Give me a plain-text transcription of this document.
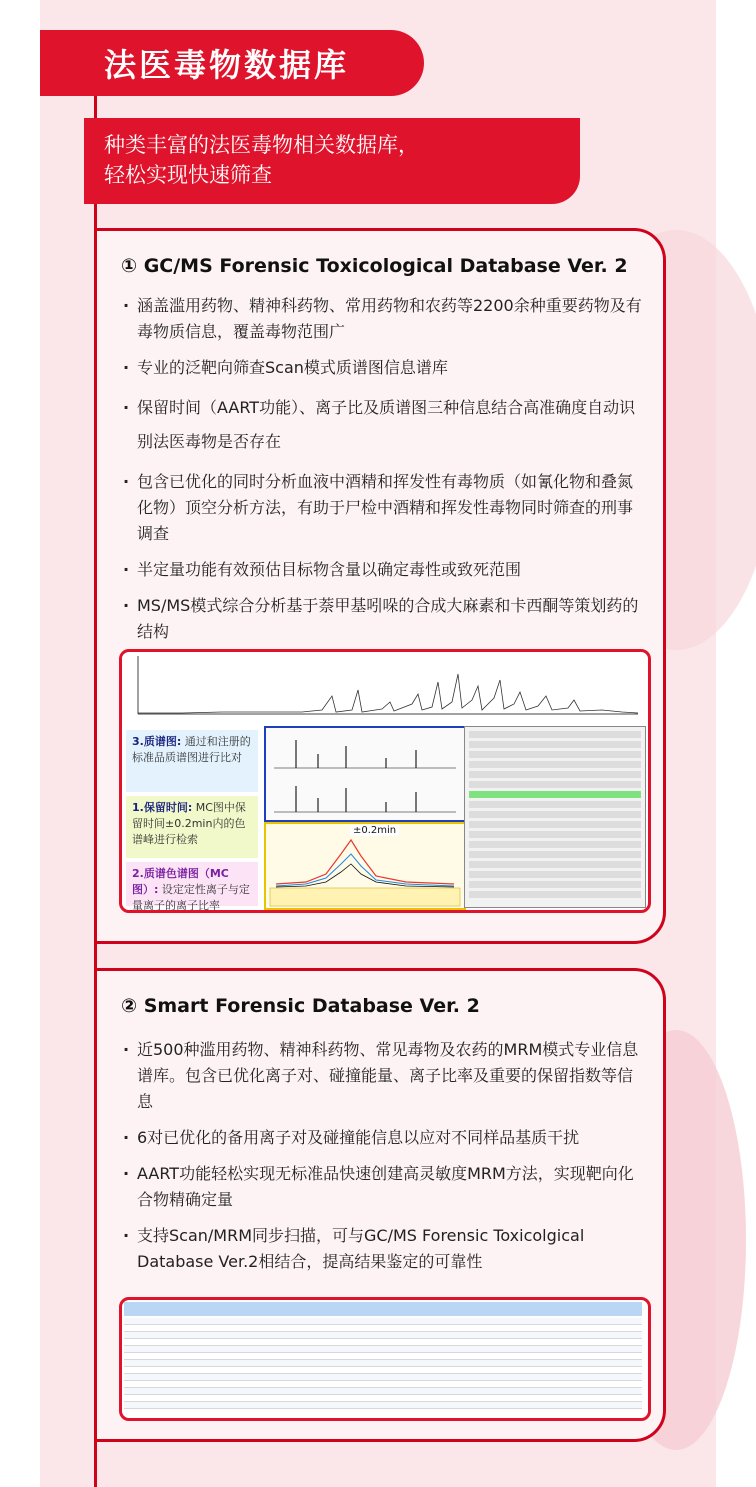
法医毒物数据库
种类丰富的法医毒物相关数据库，
轻松实现快速筛查
① GC/MS Forensic Toxicological Database Ver. 2
· 涵盖滥用药物、精神科药物、常用药物和农药等2200余种重要药物及有毒物质信息，覆盖毒物范围广
· 专业的泛靶向筛查Scan模式质谱图信息谱库
· 保留时间（AART功能）、离子比及质谱图三种信息结合高准确度自动识别法医毒物是否存在
· 包含已优化的同时分析血液中酒精和挥发性有毒物质（如氰化物和叠氮化物）顶空分析方法，有助于尸检中酒精和挥发性毒物同时筛查的刑事调查
· 半定量功能有效预估目标物含量以确定毒性或致死范围
· MS/MS模式综合分析基于萘甲基吲哚的合成大麻素和卡西酮等策划药的结构
3.质谱图: 通过和注册的标准品质谱图进行比对
1.保留时间: MC图中保留时间±0.2min内的色谱峰进行检索
2.质谱色谱图（MC图）: 设定定性离子与定量离子的离子比率
±0.2min
② Smart Forensic Database Ver. 2
· 近500种滥用药物、精神科药物、常见毒物及农药的MRM模式专业信息谱库。包含已优化离子对、碰撞能量、离子比率及重要的保留指数等信息
· 6对已优化的备用离子对及碰撞能信息以应对不同样品基质干扰
· AART功能轻松实现无标准品快速创建高灵敏度MRM方法，实现靶向化合物精确定量
· 支持Scan/MRM同步扫描，可与GC/MS Forensic Toxicolgical Database Ver.2相结合，提高结果鉴定的可靠性
